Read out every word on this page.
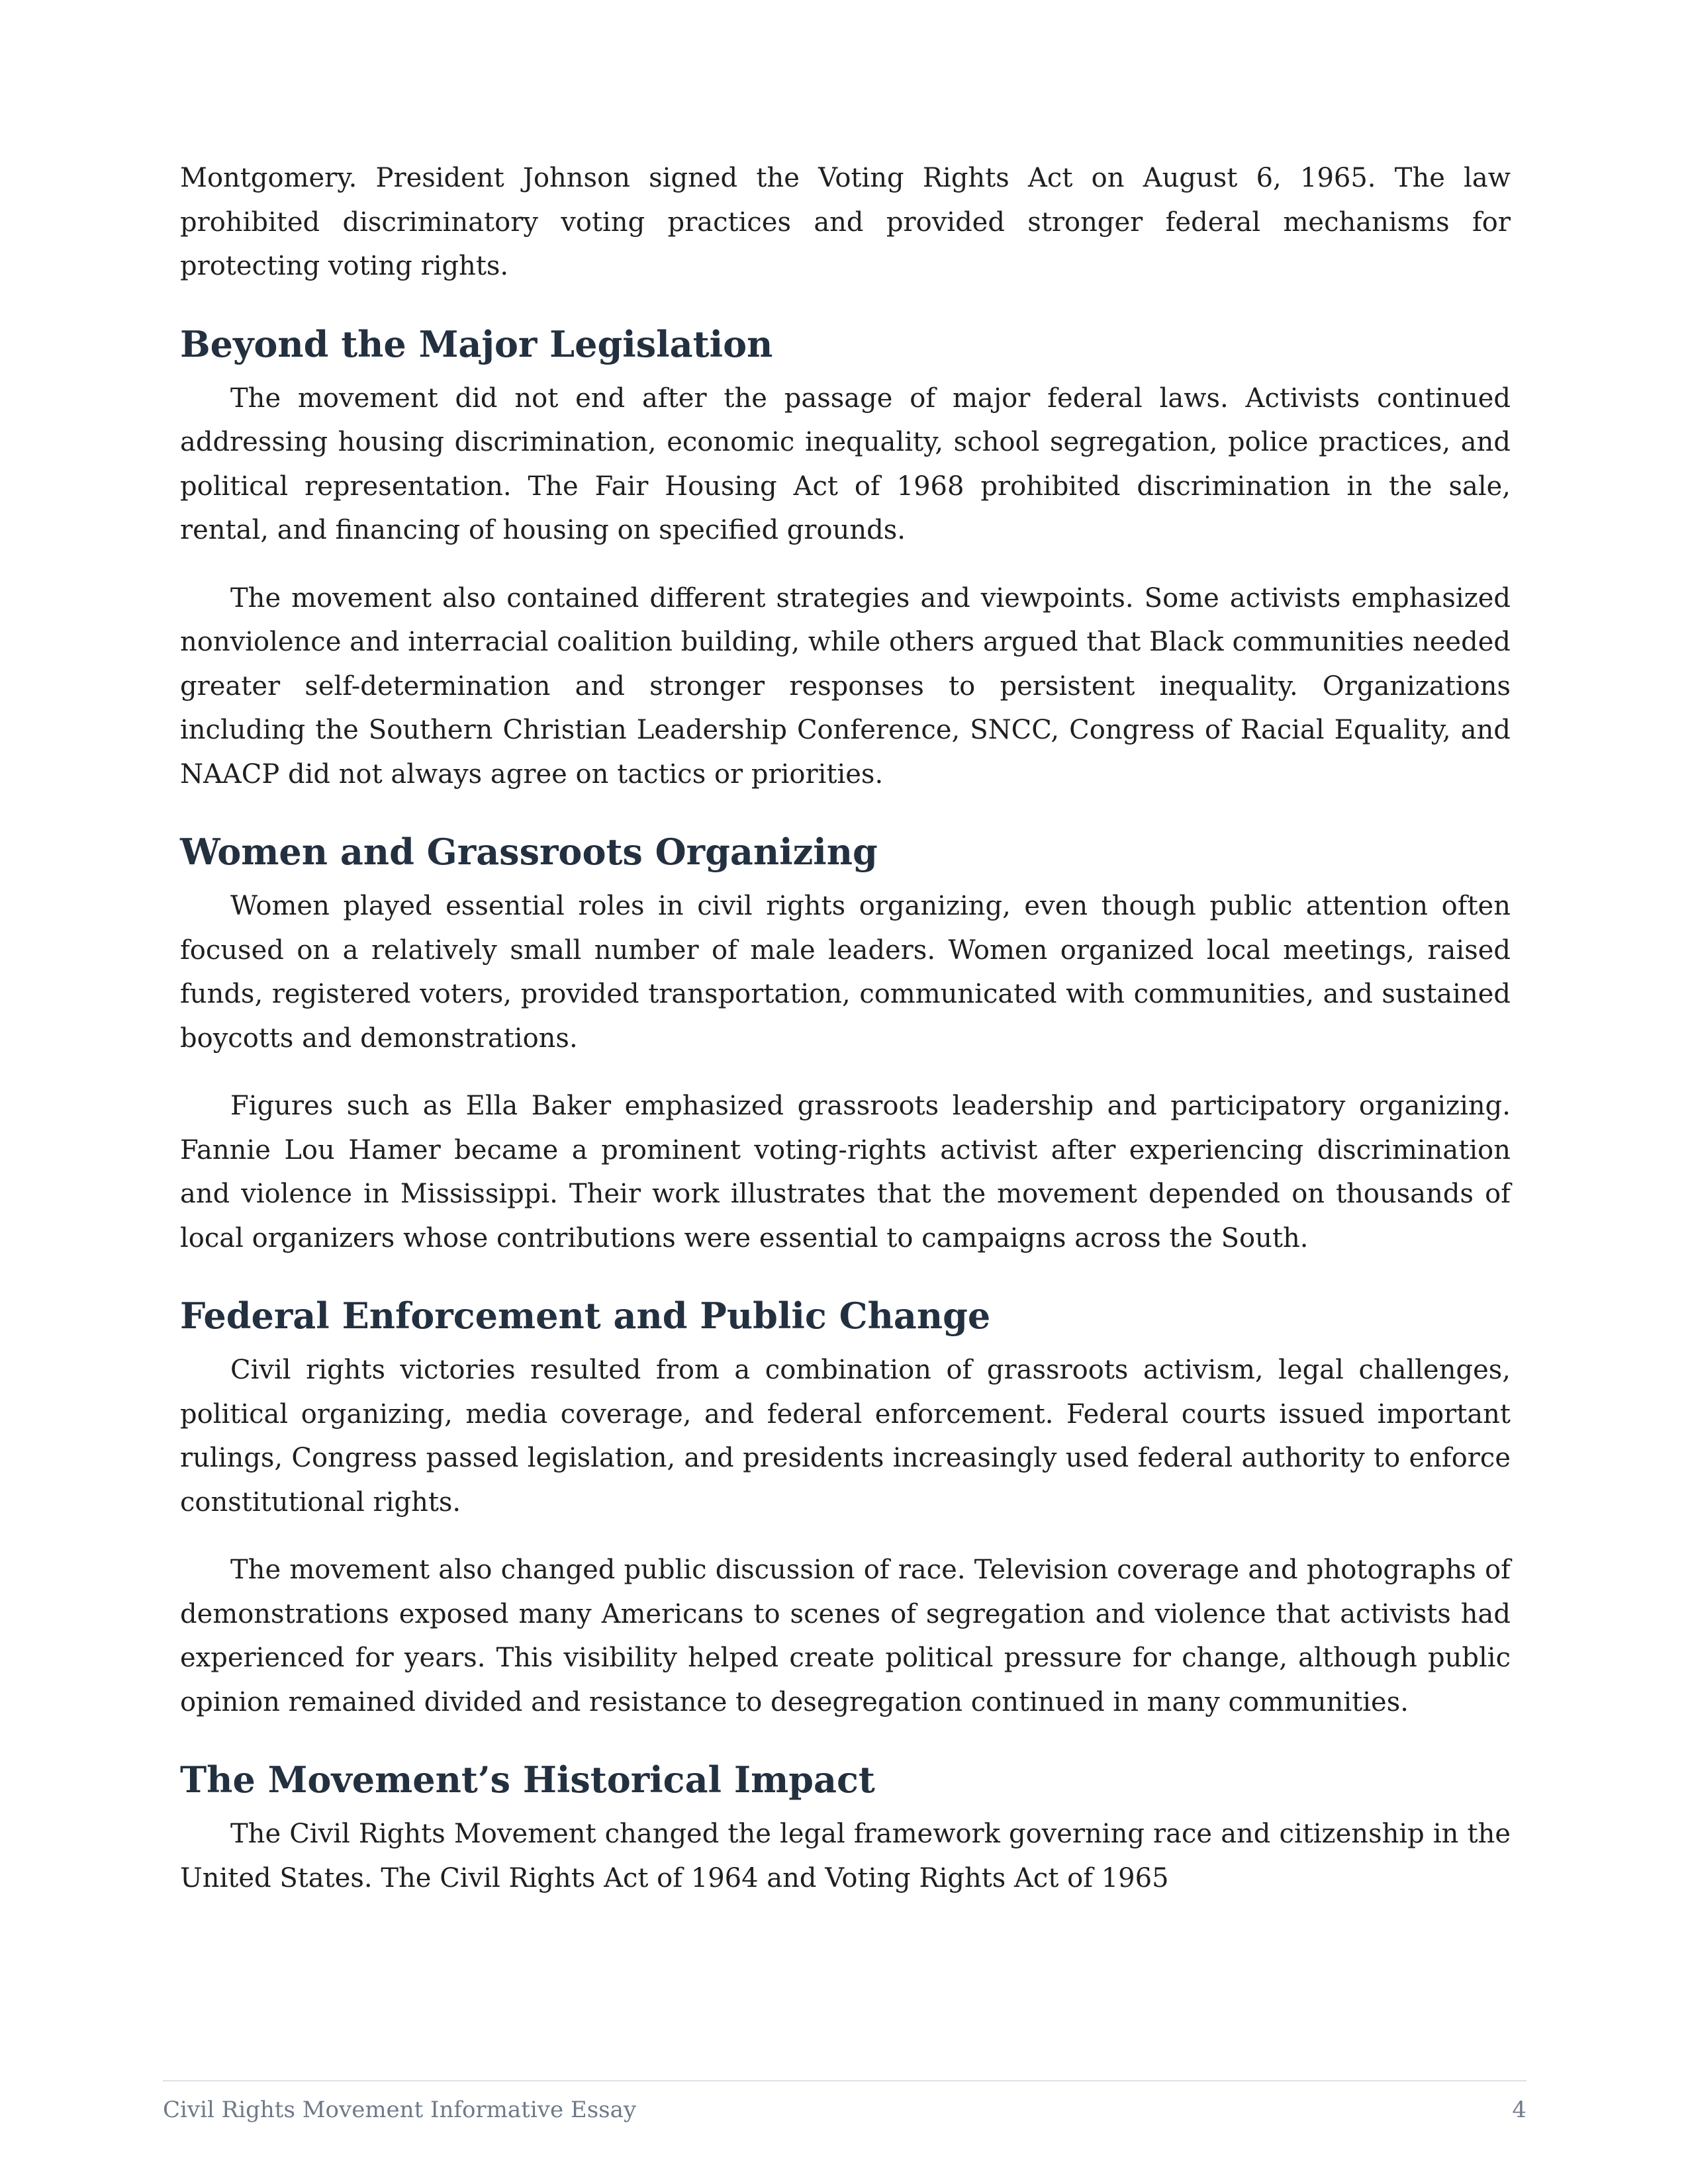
Montgomery. President Johnson signed the Voting Rights Act on August 6, 1965. The law prohibited discriminatory voting practices and provided stronger federal mechanisms for protecting voting rights.

Beyond the Major Legislation

The movement did not end after the passage of major federal laws. Activists continued addressing housing discrimination, economic inequality, school segregation, police practices, and political representation. The Fair Housing Act of 1968 prohibited discrimination in the sale, rental, and financing of housing on specified grounds.

The movement also contained different strategies and viewpoints. Some activists emphasized nonviolence and interracial coalition building, while others argued that Black communities needed greater self-determination and stronger responses to persistent inequality. Organizations including the Southern Christian Leadership Conference, SNCC, Congress of Racial Equality, and NAACP did not always agree on tactics or priorities.

Women and Grassroots Organizing

Women played essential roles in civil rights organizing, even though public attention often focused on a relatively small number of male leaders. Women organized local meetings, raised funds, registered voters, provided transportation, communicated with communities, and sustained boycotts and demonstrations.

Figures such as Ella Baker emphasized grassroots leadership and participatory organizing. Fannie Lou Hamer became a prominent voting-rights activist after experiencing discrimination and violence in Mississippi. Their work illustrates that the movement depended on thousands of local organizers whose contributions were essential to campaigns across the South.

Federal Enforcement and Public Change

Civil rights victories resulted from a combination of grassroots activism, legal challenges, political organizing, media coverage, and federal enforcement. Federal courts issued important rulings, Congress passed legislation, and presidents increasingly used federal authority to enforce constitutional rights.

The movement also changed public discussion of race. Television coverage and photographs of demonstrations exposed many Americans to scenes of segregation and violence that activists had experienced for years. This visibility helped create political pressure for change, although public opinion remained divided and resistance to desegregation continued in many communities.

The Movement’s Historical Impact

The Civil Rights Movement changed the legal framework governing race and citizenship in the United States. The Civil Rights Act of 1964 and Voting Rights Act of 1965

Civil Rights Movement Informative Essay	4
